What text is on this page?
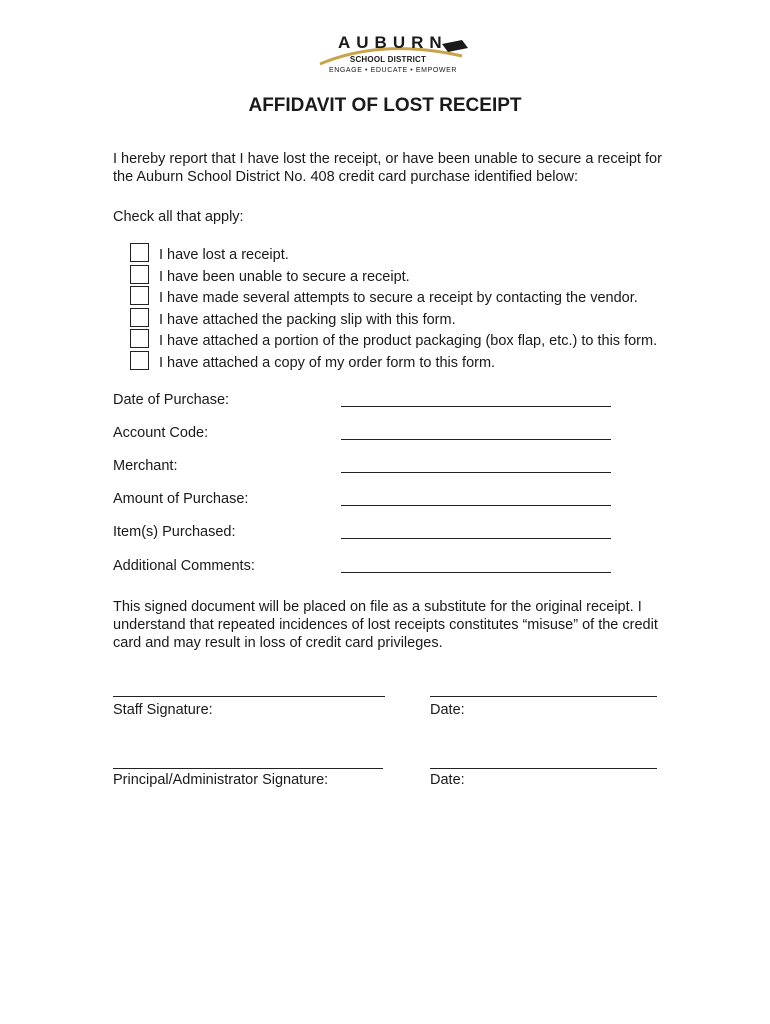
AUBURN
SCHOOL DISTRICT
ENGAGE • EDUCATE • EMPOWER
AFFIDAVIT OF LOST RECEIPT
I hereby report that I have lost the receipt, or have been unable to secure a receipt for the Auburn School District No. 408 credit card purchase identified below:
Check all that apply:
I have lost a receipt.
I have been unable to secure a receipt.
I have made several attempts to secure a receipt by contacting the vendor.
I have attached the packing slip with this form.
I have attached a portion of the product packaging (box flap, etc.) to this form.
I have attached a copy of my order form to this form.
Date of Purchase:
Account Code:
Merchant:
Amount of Purchase:
Item(s) Purchased:
Additional Comments:
This signed document will be placed on file as a substitute for the original receipt. I understand that repeated incidences of lost receipts constitutes “misuse” of the credit card and may result in loss of credit card privileges.
Staff Signature:	Date:
Principal/Administrator Signature:	Date:
